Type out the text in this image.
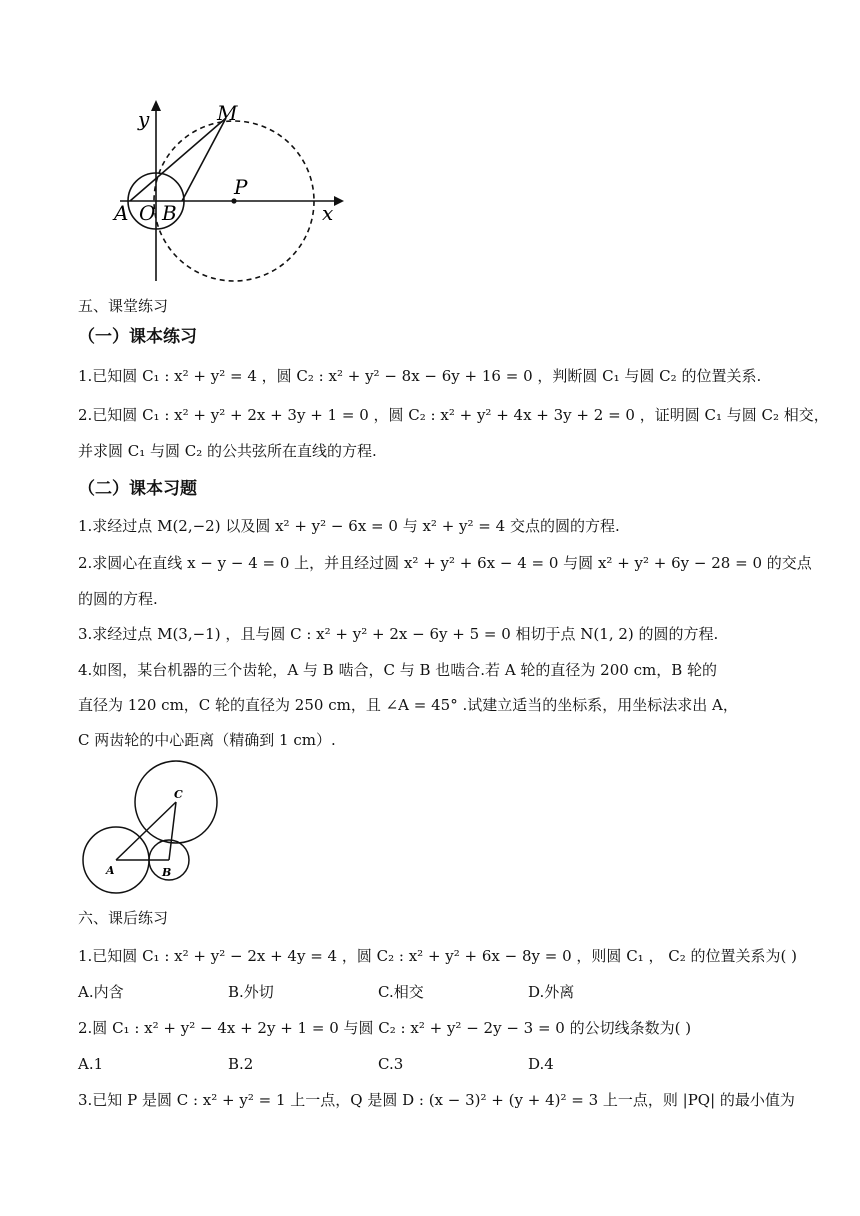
y
x
M
P
A O B
五、课堂练习
（一）课本练习
1.已知圆 C₁ : x² + y² = 4 ，圆 C₂ : x² + y² − 8x − 6y + 16 = 0 ，判断圆 C₁ 与圆 C₂ 的位置关系.
2.已知圆 C₁ : x² + y² + 2x + 3y + 1 = 0 ，圆 C₂ : x² + y² + 4x + 3y + 2 = 0 ，证明圆 C₁ 与圆 C₂ 相交，
并求圆 C₁ 与圆 C₂ 的公共弦所在直线的方程.
（二）课本习题
1.求经过点 M(2,−2) 以及圆 x² + y² − 6x = 0 与 x² + y² = 4 交点的圆的方程.
2.求圆心在直线 x − y − 4 = 0 上，并且经过圆 x² + y² + 6x − 4 = 0 与圆 x² + y² + 6y − 28 = 0 的交点
的圆的方程.
3.求经过点 M(3,−1) ，且与圆 C : x² + y² + 2x − 6y + 5 = 0 相切于点 N(1, 2) 的圆的方程.
4.如图，某台机器的三个齿轮，A 与 B 啮合，C 与 B 也啮合.若 A 轮的直径为 200 cm，B 轮的
直径为 120 cm，C 轮的直径为 250 cm，且 ∠A = 45° .试建立适当的坐标系，用坐标法求出 A，
C 两齿轮的中心距离（精确到 1 cm）.
C
A	B
六、课后练习
1.已知圆 C₁ : x² + y² − 2x + 4y = 4 ，圆 C₂ : x² + y² + 6x − 8y = 0 ，则圆 C₁ ， C₂ 的位置关系为( )
A.内含	B.外切	C.相交	D.外离
2.圆 C₁ : x² + y² − 4x + 2y + 1 = 0 与圆 C₂ : x² + y² − 2y − 3 = 0 的公切线条数为( )
A.1	B.2	C.3	D.4
3.已知 P 是圆 C : x² + y² = 1 上一点，Q 是圆 D : (x − 3)² + (y + 4)² = 3 上一点，则 |PQ| 的最小值为
